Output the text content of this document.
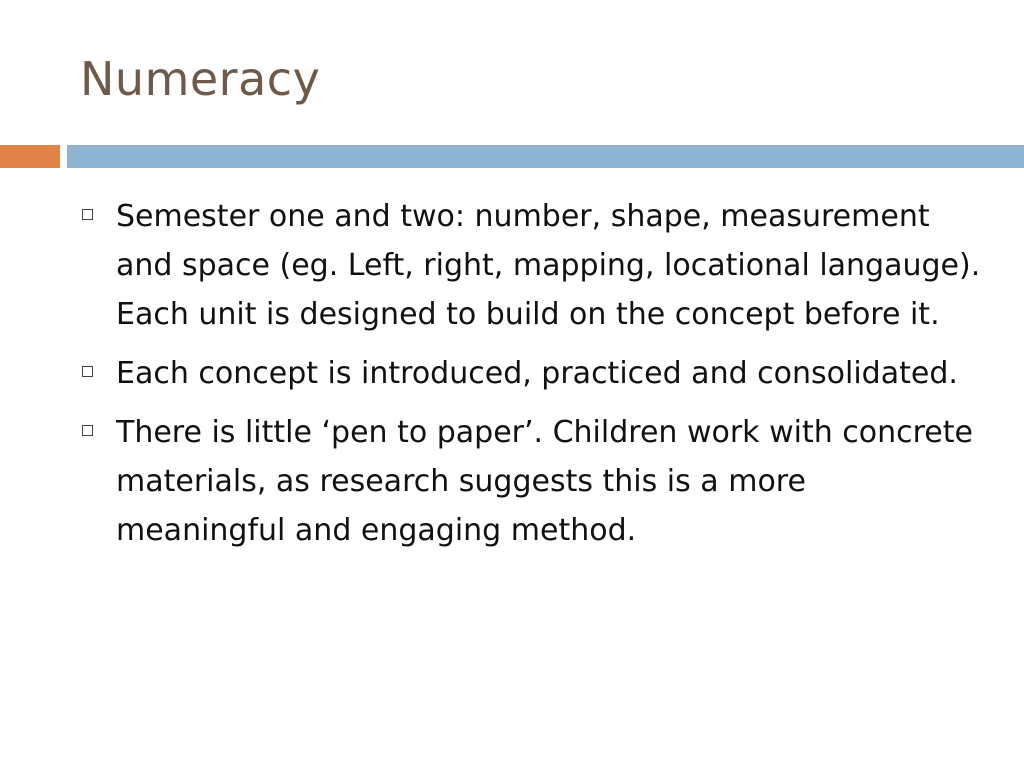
Numeracy
Semester one and two: number, shape, measurement and space (eg. Left, right, mapping, locational langauge). Each unit is designed to build on the concept before it.
Each concept is introduced, practiced and consolidated.
There is little ‘pen to paper’. Children work with concrete materials, as research suggests this is a more meaningful and engaging method.
